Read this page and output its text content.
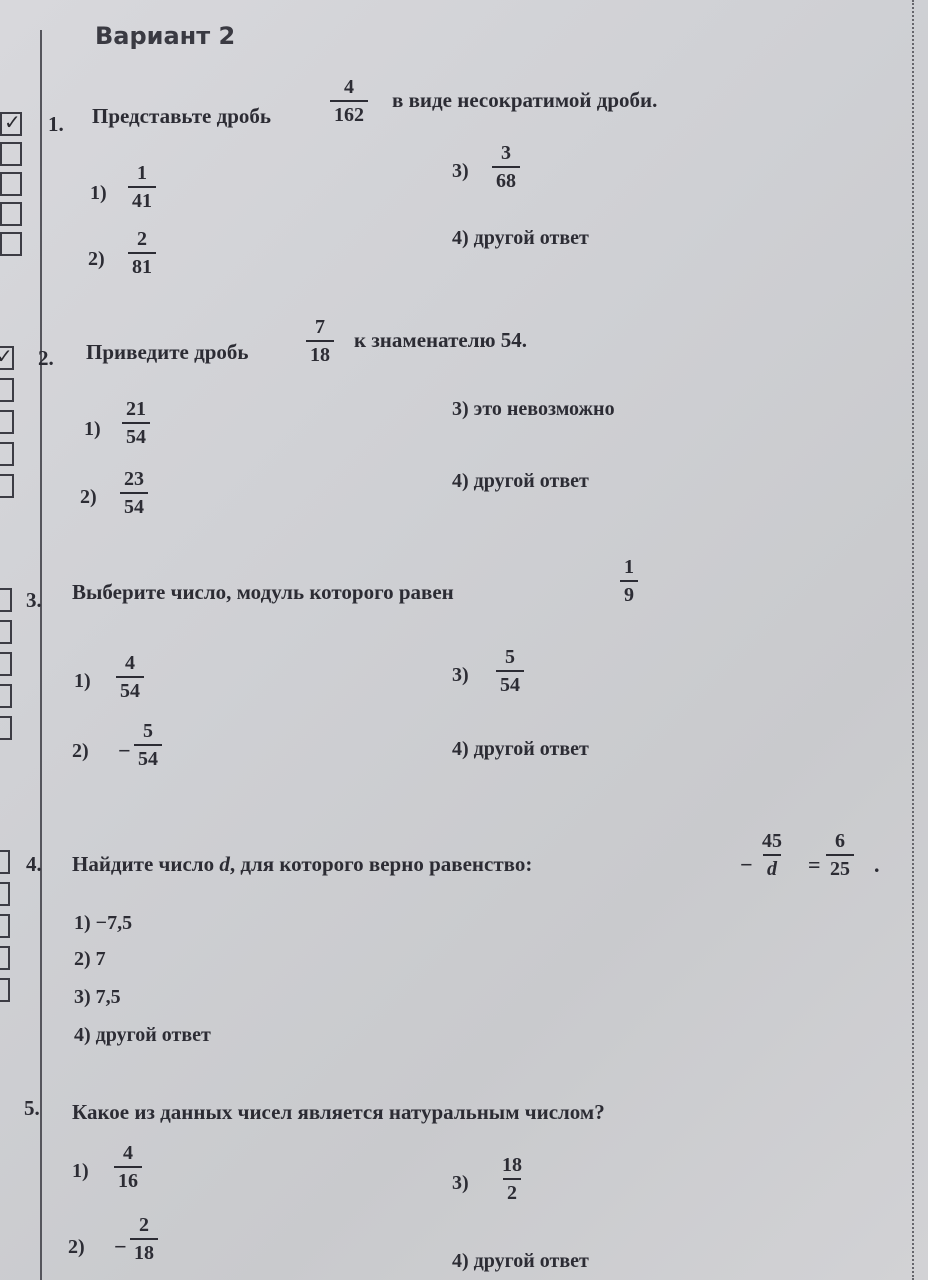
Вариант 2
✓
✓
1. Представьте дробь	$\frac{4}{162}$ в виде несократимой дроби.
$1) \frac{1}{41}$
$2) \frac{2}{81}$
$3) \frac{3}{68}$
4) другой ответ
2. Приведите дробь	$\frac{7}{18}$ к знаменателю 54.
$1) \frac{21}{54}$
$2) \frac{23}{54}$
3) это невозможно
4) другой ответ
3. Выберите число, модуль которого равен	$\frac{1}{9}$
$1) \frac{4}{54}$
$2) - \frac{5}{54}$
$3) \frac{5}{54}$
4) другой ответ
4. Найдите число d, для которого верно равенство:	− $\frac{45}{d} = \frac{6}{25}$ .
1) −7,5
2) 7
3) 7,5
4) другой ответ
5. Какое из данных чисел является натуральным числом?
$1) \frac{4}{16}$
$2) - \frac{2}{18}$
$3) \frac{18}{2}$
4) другой ответ
